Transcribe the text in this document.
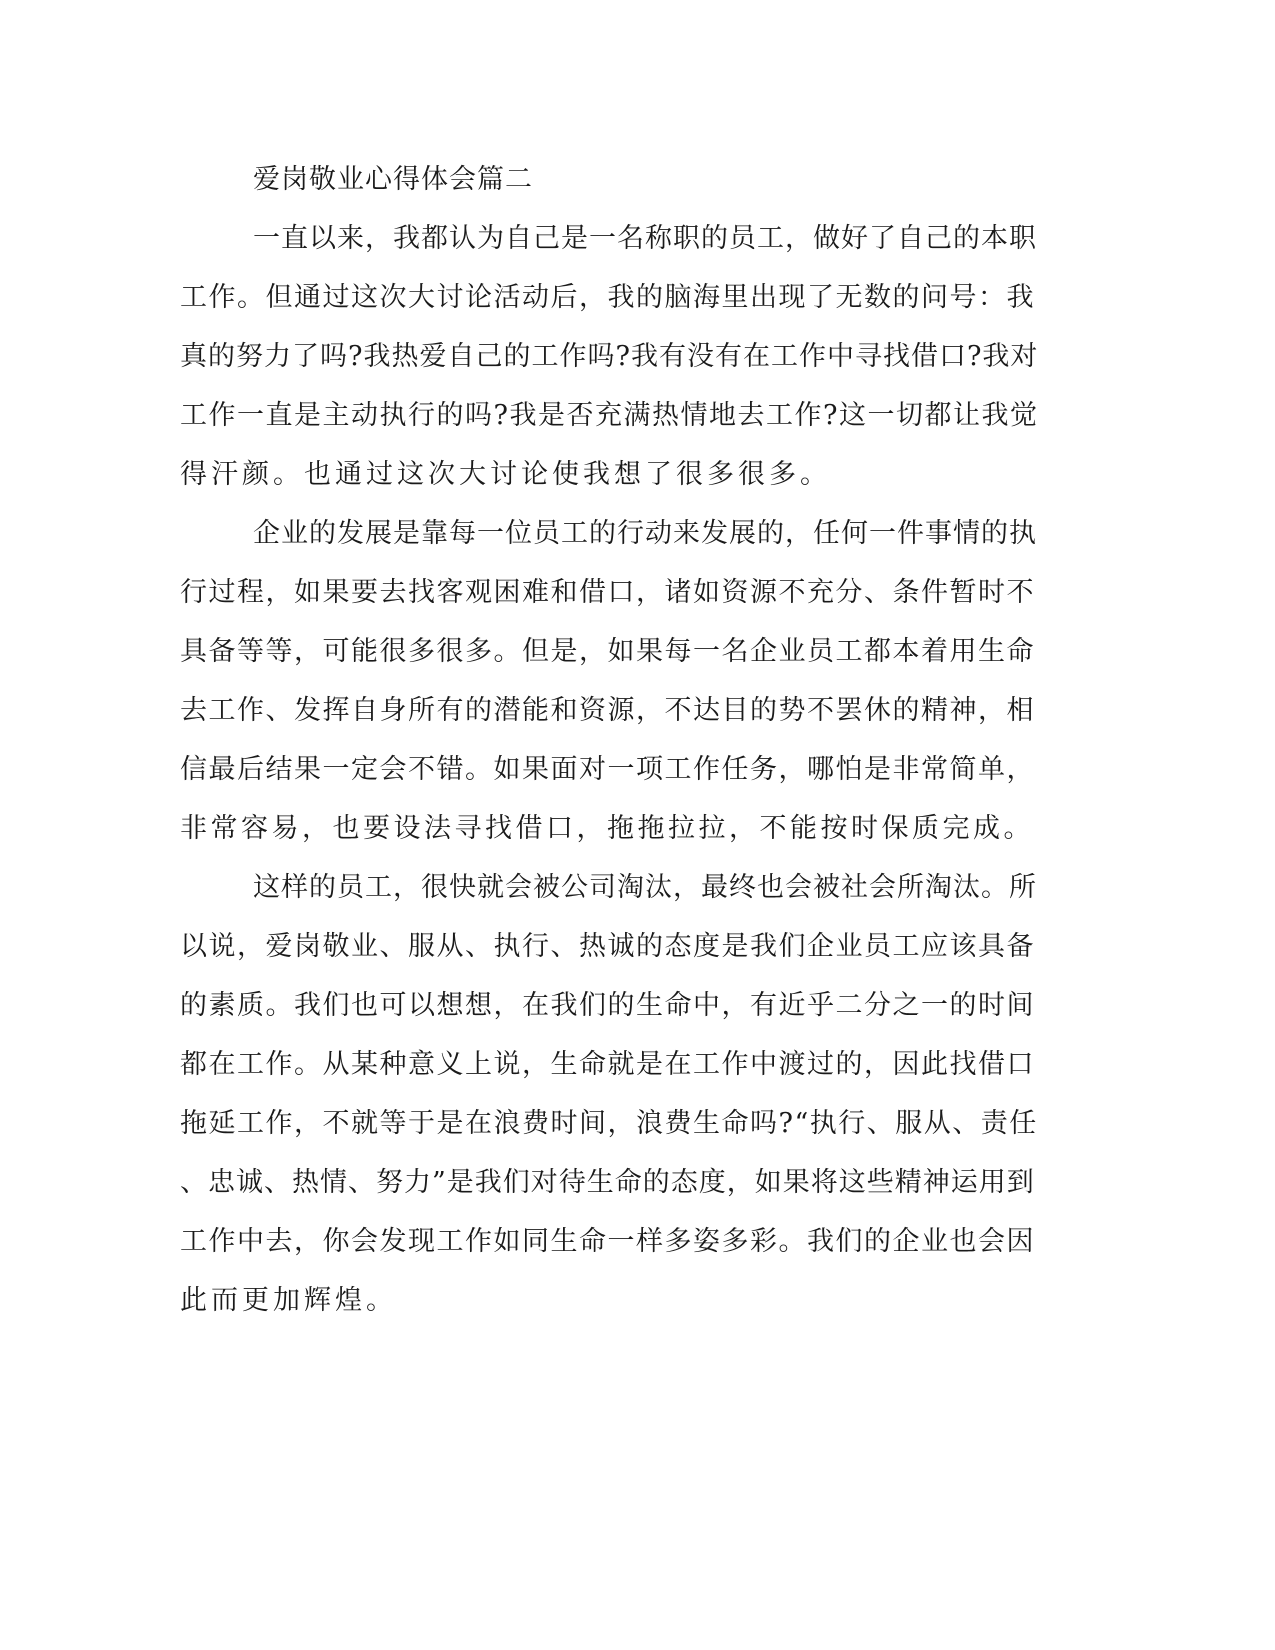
爱岗敬业心得体会篇二
一直以来，我都认为自己是一名称职的员工，做好了自己的本职
工作。但通过这次大讨论活动后，我的脑海里出现了无数的问号：我
真的努力了吗?我热爱自己的工作吗?我有没有在工作中寻找借口?我对
工作一直是主动执行的吗?我是否充满热情地去工作?这一切都让我觉
得汗颜。也通过这次大讨论使我想了很多很多。
企业的发展是靠每一位员工的行动来发展的，任何一件事情的执
行过程，如果要去找客观困难和借口，诸如资源不充分、条件暂时不
具备等等，可能很多很多。但是，如果每一名企业员工都本着用生命
去工作、发挥自身所有的潜能和资源，不达目的势不罢休的精神，相
信最后结果一定会不错。如果面对一项工作任务，哪怕是非常简单，
非常容易，也要设法寻找借口，拖拖拉拉，不能按时保质完成。
这样的员工，很快就会被公司淘汰，最终也会被社会所淘汰。所
以说，爱岗敬业、服从、执行、热诚的态度是我们企业员工应该具备
的素质。我们也可以想想，在我们的生命中，有近乎二分之一的时间
都在工作。从某种意义上说，生命就是在工作中渡过的，因此找借口
拖延工作，不就等于是在浪费时间，浪费生命吗?“执行、服从、责任
、忠诚、热情、努力”是我们对待生命的态度，如果将这些精神运用到
工作中去，你会发现工作如同生命一样多姿多彩。我们的企业也会因
此而更加辉煌。
